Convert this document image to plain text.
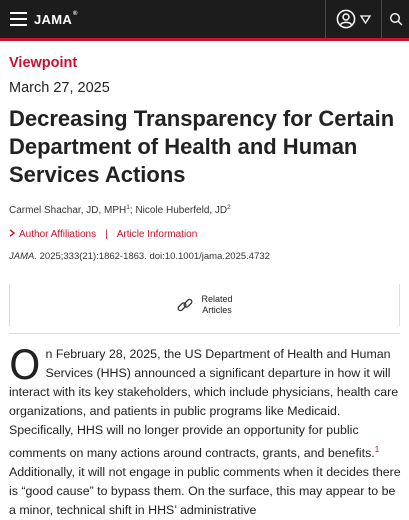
JAMA®
Viewpoint
March 27, 2025
Decreasing Transparency for Certain Department of Health and Human Services Actions
Carmel Shachar, JD, MPH$^1$; Nicole Huberfeld, $JD^2$
Author Affiliations | Article Information
JAMA. 2025;333(21):1862-1863. doi:10.1001/jama.2025.4732
Related
Articles
On February 28, 2025, the US Department of Health and Human Services (HHS) announced a significant departure in how it will interact with its key stakeholders, which include physicians, health care organizations, and patients in public programs like Medicaid. Specifically, HHS will no longer provide an opportunity for public comments on many actions around contracts, grants, and benefits.$^1$ Additionally, it will not engage in public comments when it decides there is “good cause” to bypass them. On the surface, this may appear to be a minor, technical shift in HHS’ administrative
